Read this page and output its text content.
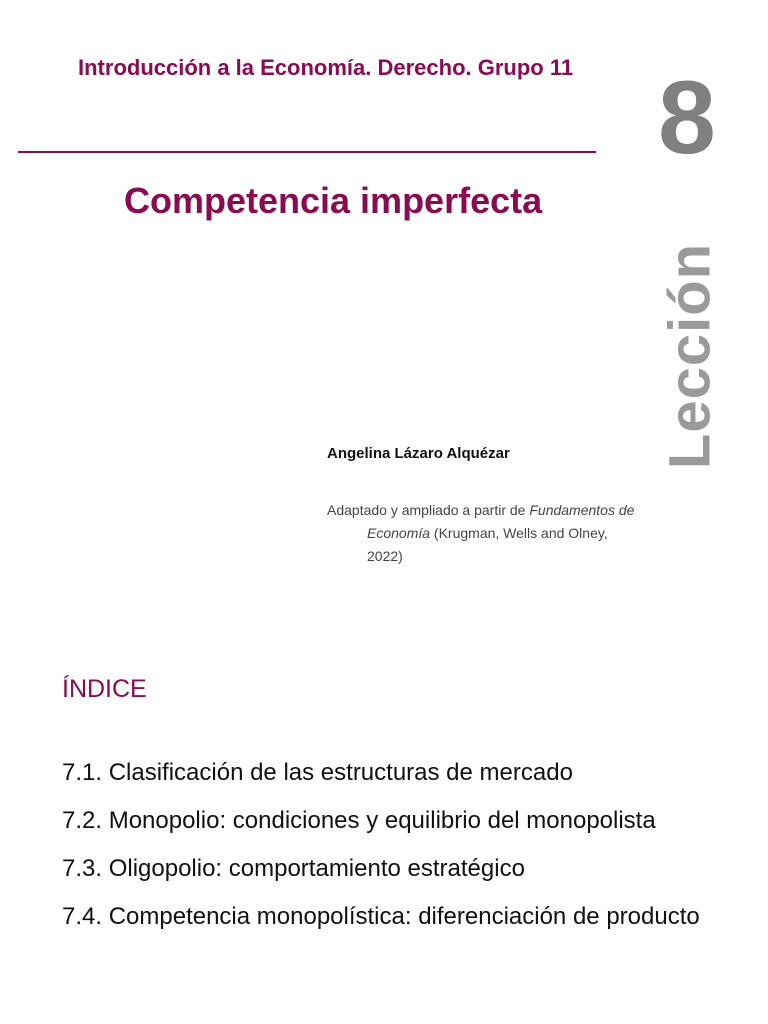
Introducción a la Economía. Derecho. Grupo 11 8
Lección
Competencia imperfecta
Angelina Lázaro Alquézar
Adaptado y ampliado a partir de Fundamentos de
Economía (Krugman, Wells and Olney,
2022)
ÍNDICE
7.1. Clasificación de las estructuras de mercado
7.2. Monopolio: condiciones y equilibrio del monopolista
7.3. Oligopolio: comportamiento estratégico
7.4. Competencia monopolística: diferenciación de producto
